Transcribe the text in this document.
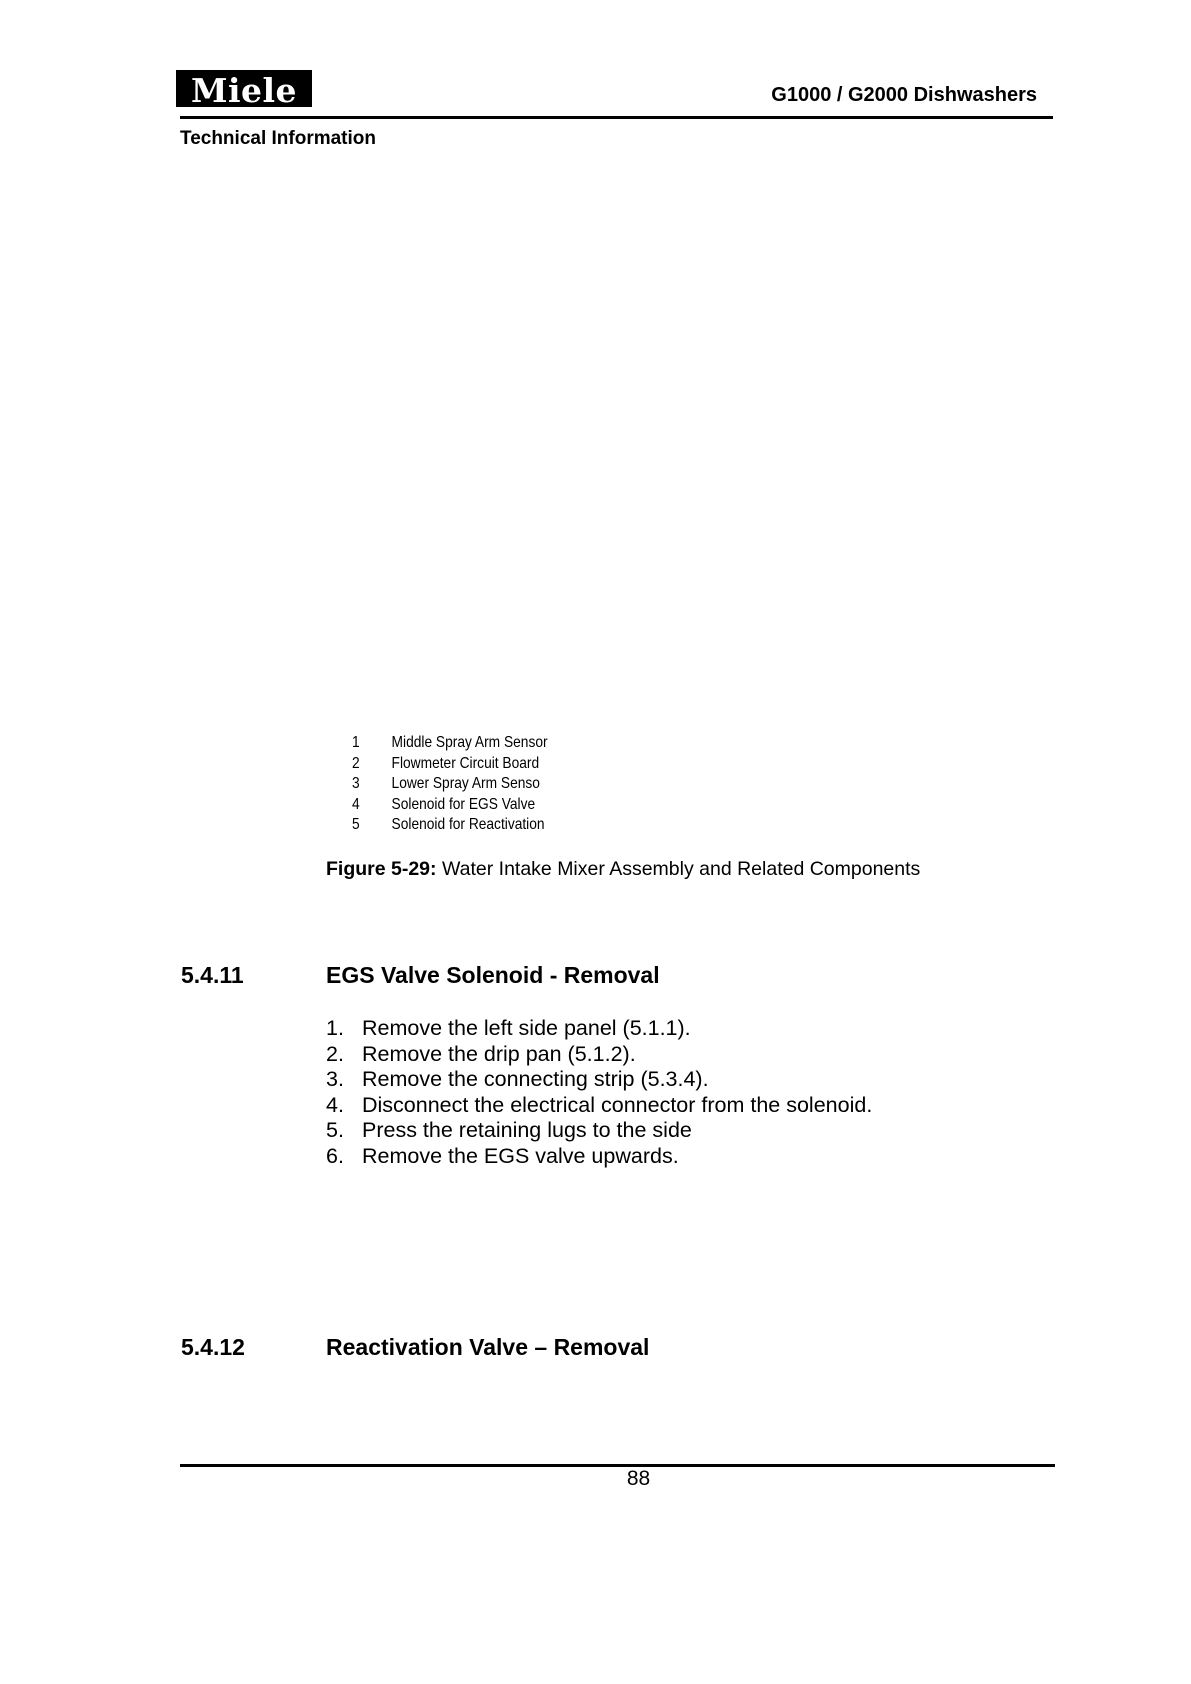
Miele	G1000 / G2000 Dishwashers
Technical Information
1	Middle Spray Arm Sensor
2	Flowmeter Circuit Board
3	Lower Spray Arm Senso
4	Solenoid for EGS Valve
5	Solenoid for Reactivation
Figure 5-29: Water Intake Mixer Assembly and Related Components
5.4.11	EGS Valve Solenoid - Removal
1. Remove the left side panel (5.1.1).
2. Remove the drip pan (5.1.2).
3. Remove the connecting strip (5.3.4).
4. Disconnect the electrical connector from the solenoid.
5. Press the retaining lugs to the side
6. Remove the EGS valve upwards.
5.4.12	Reactivation Valve – Removal
88
